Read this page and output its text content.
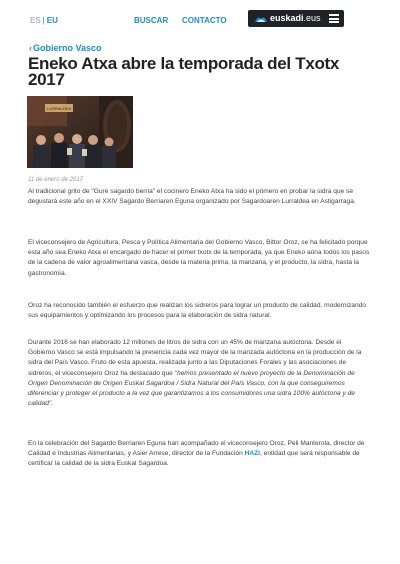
ES | EU	BUSCAR CONTACTO	euskadi.eus
‹Gobierno Vasco
Eneko Atxa abre la temporada del Txotx 2017
LURRALDEA
11 de enero de 2017

Al tradicional grito de "Gure sagardo berria" el cocinero Eneko Atxa ha sido el primero en probar la sidra que se degustará este año en el XXIV Sagardo Berriaren Eguna organizado por Sagardoaren Lurraldea en Astigarraga.

El viceconsejero de Agricultura, Pesca y Política Alimentaria del Gobierno Vasco, Bittor Oroz, se ha felicitado porque esta año sea Eneko Atxa el encargado de hacer el primer txotx de la temporada, ya que Eneko aúna todos los pasos de la cadena de valor agroalimentaria vasca, desde la materia prima, la manzana, y el producto, la sidra, hasta la gastronomía.

Oroz ha reconocido también el esfuerzo que realizan los sidreros para lograr un producto de calidad, modernizando sus equipamientos y optimizando los procesos para la elaboración de sidra natural.

Durante 2016 se han elaborado 12 millones de litros de sidra con un 45% de manzana autóctona. Desde el Gobierno Vasco se está impulsando la presencia cada vez mayor de la manzada autóctona en la producción de la sidra del País Vasco. Fruto de esta apuesta, realizada junto a las Diputaciones Forales y las asociaciones de sidreros, el viceconsejero Oroz ha destacado que "hemos presentado el nuevo proyecto de la Denominación de Origen Denominación de Origen Euskal Sagardoa / Sidra Natural del País Vasco, con la que conseguiremos diferenciar y proteger el producto a la vez que garantizamos a los consumidores una sidra 100% autóctona y de calidad".

En la celebración del Sagardo Berriaren Eguna han acompañado el viceconsejero Oroz, Peli Manterola, director de Calidad e Industrias Alimentarias, y Asier Arrese, director de la Fundación HAZI, entidad que será responsable de certificar la calidad de la sidra Euskal Sagardoa.
